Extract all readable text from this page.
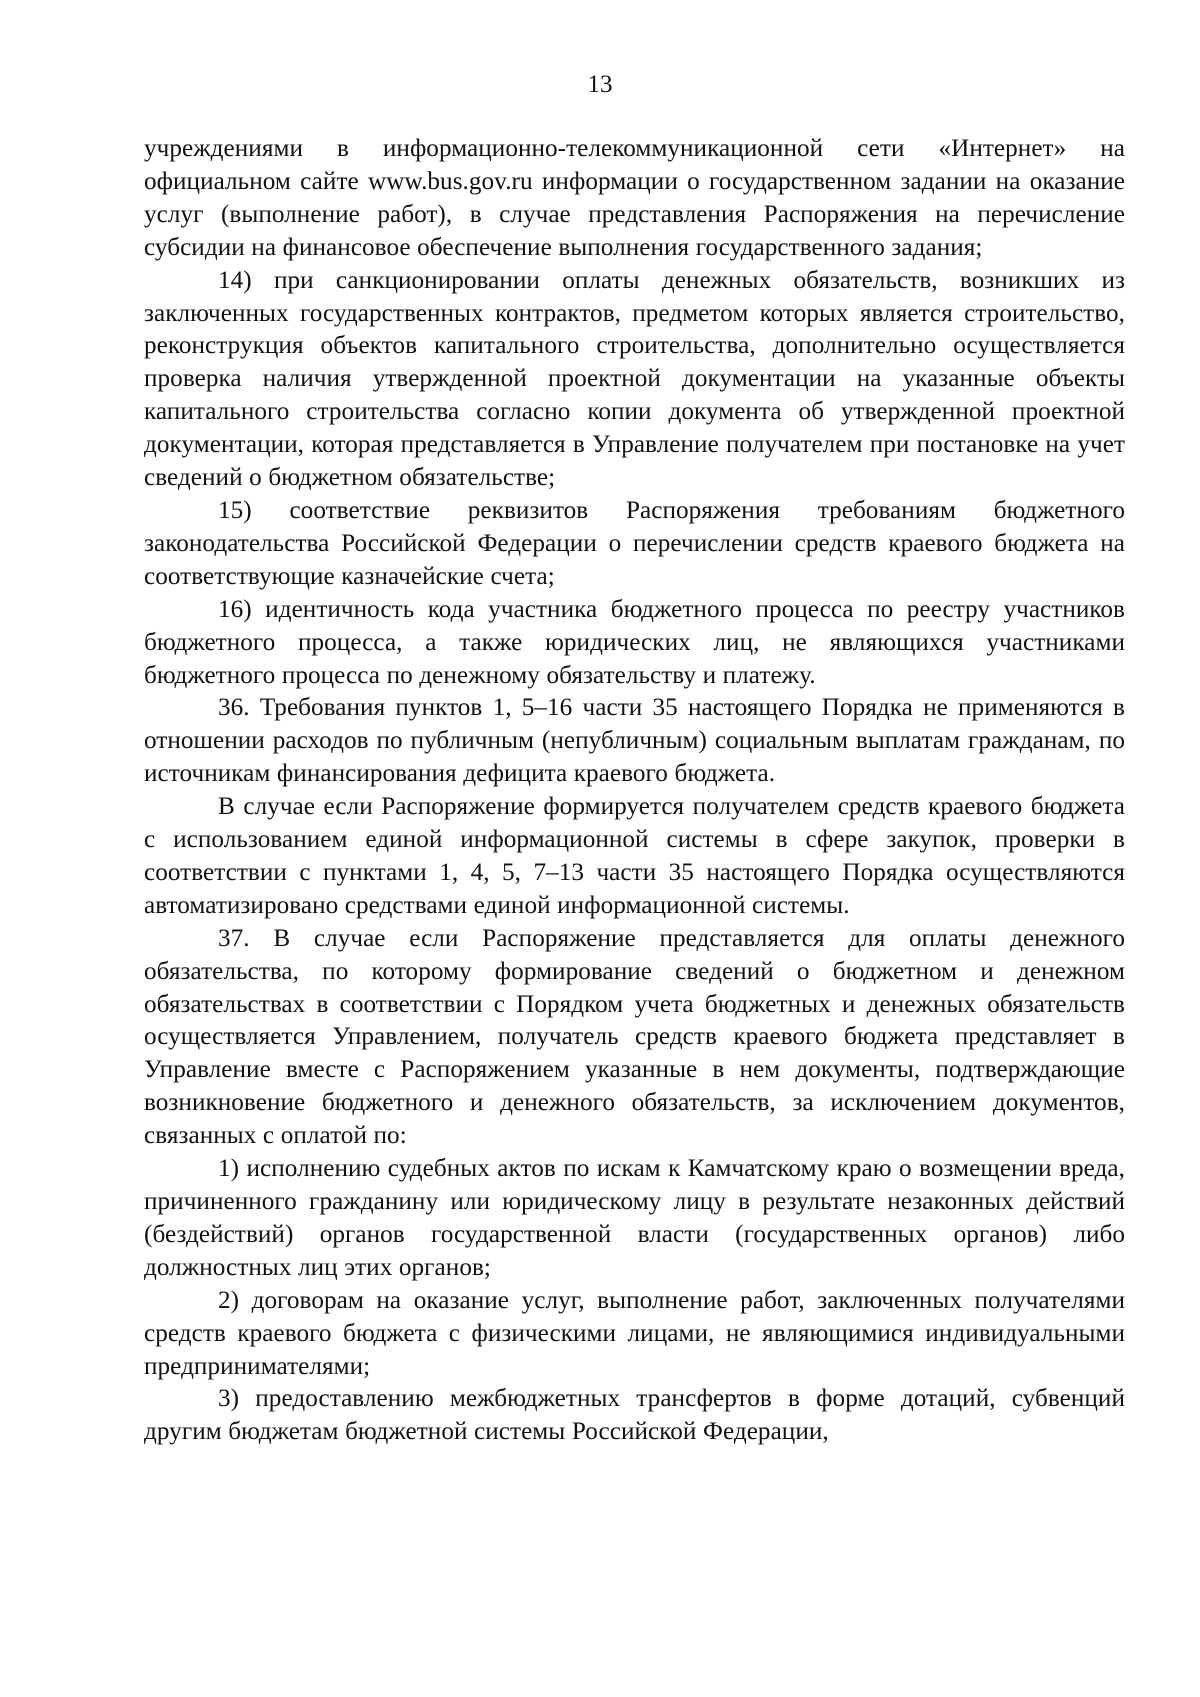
13

учреждениями в информационно-телекоммуникационной сети «Интернет» на официальном сайте www.bus.gov.ru информации о государственном задании на оказание услуг (выполнение работ), в случае представления Распоряжения на перечисление субсидии на финансовое обеспечение выполнения государственного задания;

14) при санкционировании оплаты денежных обязательств, возникших из заключенных государственных контрактов, предметом которых является строительство, реконструкция объектов капитального строительства, дополнительно осуществляется проверка наличия утвержденной проектной документации на указанные объекты капитального строительства согласно копии документа об утвержденной проектной документации, которая представляется в Управление получателем при постановке на учет сведений о бюджетном обязательстве;

15) соответствие реквизитов Распоряжения требованиям бюджетного законодательства Российской Федерации о перечислении средств краевого бюджета на соответствующие казначейские счета;

16) идентичность кода участника бюджетного процесса по реестру участников бюджетного процесса, а также юридических лиц, не являющихся участниками бюджетного процесса по денежному обязательству и платежу.

36. Требования пунктов 1, 5–16 части 35 настоящего Порядка не применяются в отношении расходов по публичным (непубличным) социальным выплатам гражданам, по источникам финансирования дефицита краевого бюджета.

В случае если Распоряжение формируется получателем средств краевого бюджета с использованием единой информационной системы в сфере закупок, проверки в соответствии с пунктами 1, 4, 5, 7–13 части 35 настоящего Порядка осуществляются автоматизировано средствами единой информационной системы.

37. В случае если Распоряжение представляется для оплаты денежного обязательства, по которому формирование сведений о бюджетном и денежном обязательствах в соответствии с Порядком учета бюджетных и денежных обязательств осуществляется Управлением, получатель средств краевого бюджета представляет в Управление вместе с Распоряжением указанные в нем документы, подтверждающие возникновение бюджетного и денежного обязательств, за исключением документов, связанных с оплатой по:

1) исполнению судебных актов по искам к Камчатскому краю о возмещении вреда, причиненного гражданину или юридическому лицу в результате незаконных действий (бездействий) органов государственной власти (государственных органов) либо должностных лиц этих органов;

2) договорам на оказание услуг, выполнение работ, заключенных получателями средств краевого бюджета с физическими лицами, не являющимися индивидуальными предпринимателями;

3) предоставлению межбюджетных трансфертов в форме дотаций, субвенций другим бюджетам бюджетной системы Российской Федерации,
